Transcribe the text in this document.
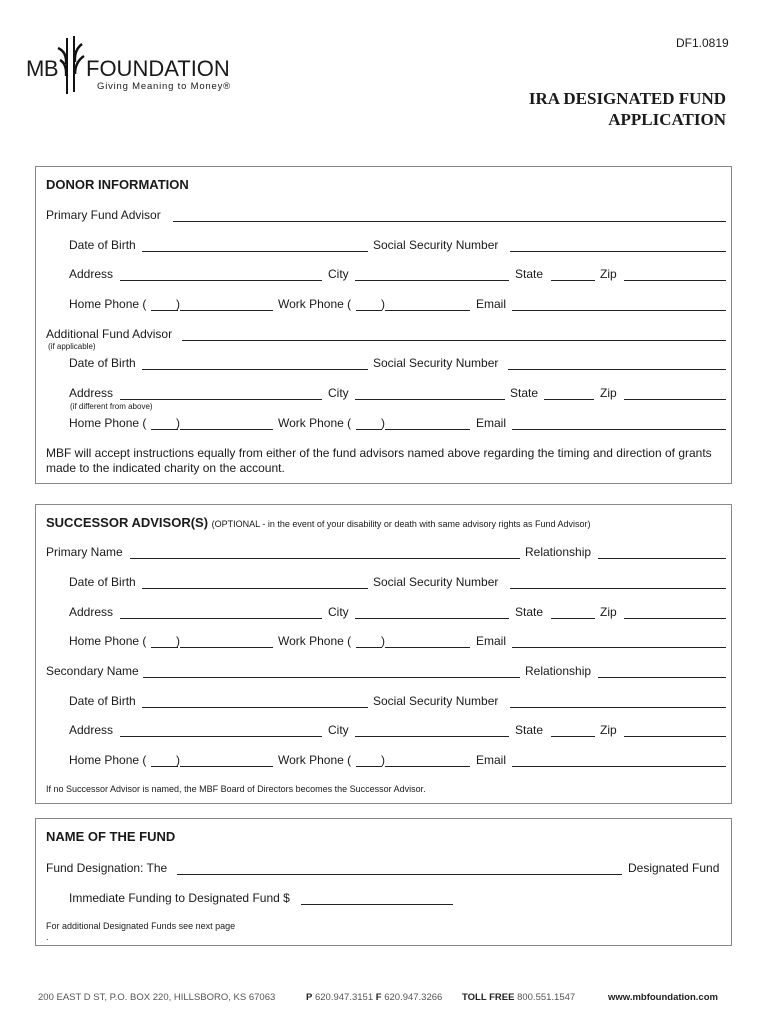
DF1.0819
MB FOUNDATION
Giving Meaning to Money®
IRA DESIGNATED FUND
APPLICATION
DONOR INFORMATION
Primary Fund Advisor
Date of Birth	Social Security Number
Address	City	State	Zip
Home Phone ( )	Work Phone ( )	Email
Additional Fund Advisor
(if applicable)
Date of Birth	Social Security Number
Address	City	State	Zip
(if different from above)
Home Phone ( )	Work Phone ( )	Email
MBF will accept instructions equally from either of the fund advisors named above regarding the timing and direction of grants made to the indicated charity on the account.
SUCCESSOR ADVISOR(S) (OPTIONAL - in the event of your disability or death with same advisory rights as Fund Advisor)
Primary Name	Relationship
Date of Birth	Social Security Number
Address	City	State	Zip
Home Phone ( )	Work Phone ( )	Email
Secondary Name	Relationship
Date of Birth	Social Security Number
Address	City	State	Zip
Home Phone ( )	Work Phone ( )	Email
If no Successor Advisor is named, the MBF Board of Directors becomes the Successor Advisor.
NAME OF THE FUND
Fund Designation: The	Designated Fund
Immediate Funding to Designated Fund $
For additional Designated Funds see next page
.
200 EAST D ST, P.O. BOX 220, HILLSBORO, KS 67063	P 620.947.3151 F 620.947.3266 TOLL FREE 800.551.1547	www.mbfoundation.com
